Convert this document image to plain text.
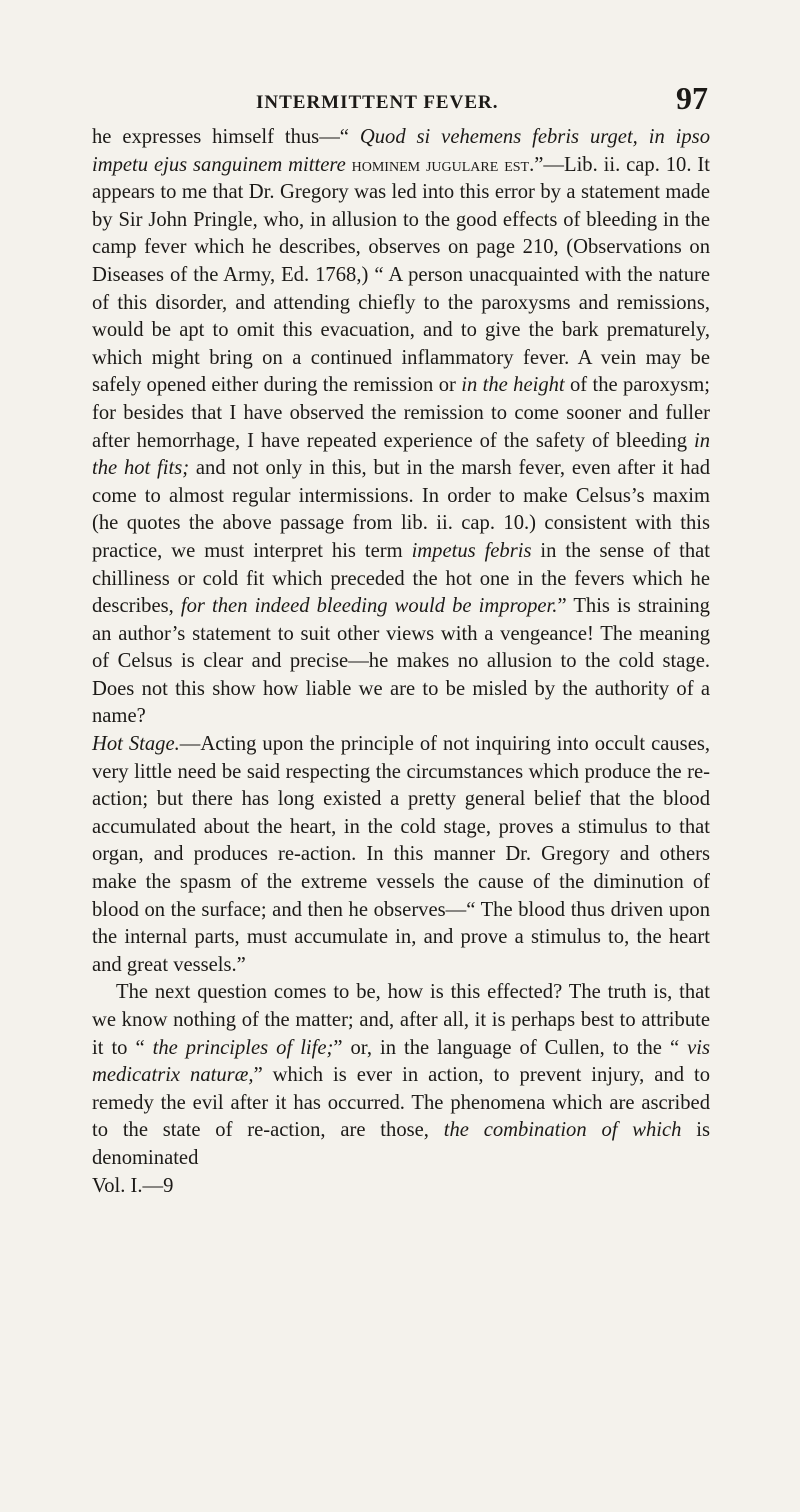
INTERMITTENT FEVER.	97

he expresses himself thus—“ Quod si vehemens febris urget, in ipso impetu ejus sanguinem mittere hominem jugulare est.”—Lib. ii. cap. 10. It appears to me that Dr. Gregory was led into this error by a statement made by Sir John Pringle, who, in allusion to the good effects of bleeding in the camp fever which he describes, observes on page 210, (Observations on Diseases of the Army, Ed. 1768,) “ A person unacquainted with the nature of this disorder, and attending chiefly to the paroxysms and remissions, would be apt to omit this evacuation, and to give the bark prematurely, which might bring on a continued inflammatory fever. A vein may be safely opened either during the remission or in the height of the paroxysm; for besides that I have observed the remission to come sooner and fuller after hemorrhage, I have repeated experience of the safety of bleeding in the hot fits; and not only in this, but in the marsh fever, even after it had come to almost regular intermissions. In order to make Celsus’s maxim (he quotes the above passage from lib. ii. cap. 10.) consistent with this practice, we must interpret his term impetus febris in the sense of that chilliness or cold fit which preceded the hot one in the fevers which he describes, for then indeed bleeding would be improper.” This is straining an author’s statement to suit other views with a vengeance! The meaning of Celsus is clear and precise—he makes no allusion to the cold stage. Does not this show how liable we are to be misled by the authority of a name?

Hot Stage.—Acting upon the principle of not inquiring into occult causes, very little need be said respecting the circumstances which produce the re-action; but there has long existed a pretty general belief that the blood accumulated about the heart, in the cold stage, proves a stimulus to that organ, and produces re-action. In this manner Dr. Gregory and others make the spasm of the extreme vessels the cause of the diminution of blood on the surface; and then he observes—“ The blood thus driven upon the internal parts, must accumulate in, and prove a stimulus to, the heart and great vessels.”

The next question comes to be, how is this effected? The truth is, that we know nothing of the matter; and, after all, it is perhaps best to attribute it to “ the principles of life;” or, in the language of Cullen, to the “ vis medicatrix naturæ,” which is ever in action, to prevent injury, and to remedy the evil after it has occurred. The phenomena which are ascribed to the state of re-action, are those, the combination of which is denominated

Vol. I.—9
